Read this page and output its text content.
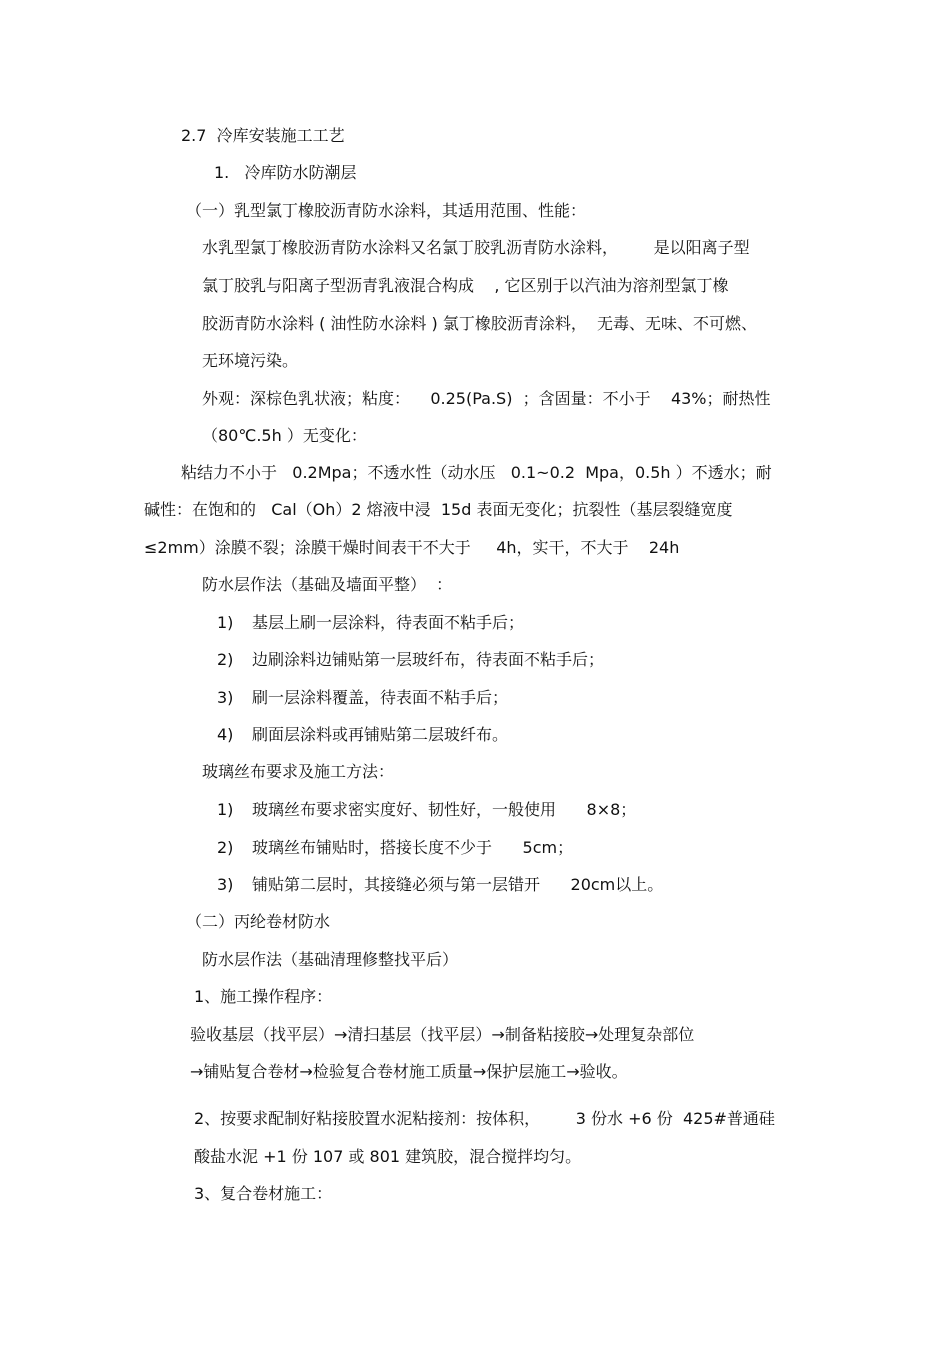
2.7  冷库安装施工工艺
1.   冷库防水防潮层
（一）乳型氯丁橡胶沥青防水涂料，其适用范围、性能：
水乳型氯丁橡胶沥青防水涂料又名氯丁胶乳沥青防水涂料，       是以阳离子型
氯丁胶乳与阳离子型沥青乳液混合构成    , 它区别于以汽油为溶剂型氯丁橡
胶沥青防水涂料 ( 油性防水涂料 ) 氯丁橡胶沥青涂料，  无毒、无味、不可燃、
无环境污染。
外观：深棕色乳状液；粘度：    0.25(Pa.S)  ；含固量：不小于    43%；耐热性
（80℃.5h ）无变化：
粘结力不小于   0.2Mpa；不透水性（动水压   0.1~0.2  Mpa，0.5h ）不透水；耐
碱性：在饱和的   Cal（Oh）2 熔液中浸  15d 表面无变化；抗裂性（基层裂缝宽度
≤2mm）涂膜不裂；涂膜干燥时间表干不大于     4h，实干，不大于    24h
防水层作法（基础及墙面平整）  ：
1) 基层上刷一层涂料，待表面不粘手后；
2) 边刷涂料边铺贴第一层玻纤布，待表面不粘手后；
3) 刷一层涂料覆盖，待表面不粘手后；
4) 刷面层涂料或再铺贴第二层玻纤布。
玻璃丝布要求及施工方法：
1) 玻璃丝布要求密实度好、韧性好，一般使用      8×8；
2) 玻璃丝布铺贴时，搭接长度不少于      5cm；
3) 铺贴第二层时，其接缝必须与第一层错开      20cm以上。
（二）丙纶卷材防水
防水层作法（基础清理修整找平后）
1、施工操作程序：
验收基层（找平层）→清扫基层（找平层）→制备粘接胶→处理复杂部位
→铺贴复合卷材→检验复合卷材施工质量→保护层施工→验收。
2、按要求配制好粘接胶置水泥粘接剂：按体积，       3 份水 +6 份  425#普通硅
酸盐水泥 +1 份 107 或 801 建筑胶，混合搅拌均匀。
3、复合卷材施工：
